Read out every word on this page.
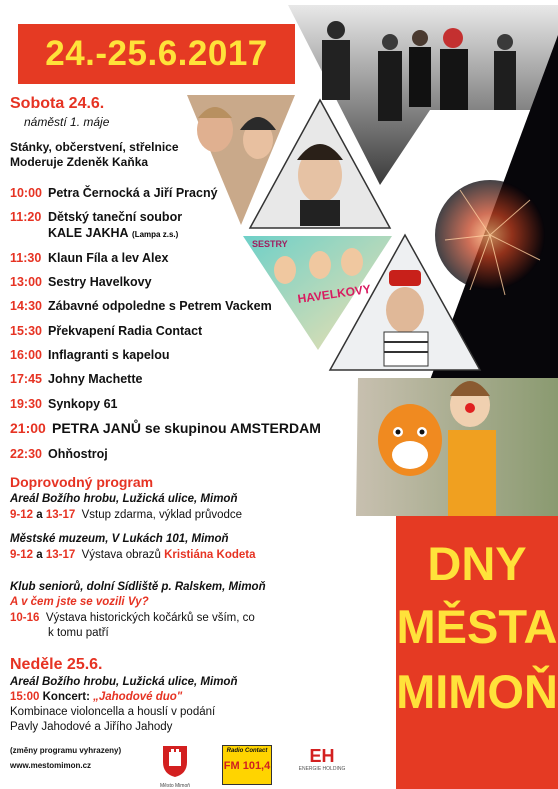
SESTRY
HAVELKOVY
24.-25.6.2017
DNY
MĚSTA
MIMOŇ
Sobota 24.6.
náměstí 1. máje
Stánky, občerstvení, střelnice
Moderuje Zdeněk Kaňka
10:00 Petra Černocká a Jiří Pracný
11:20 Dětský taneční soubor
KALE JAKHA (Lampa z.s.)
11:30 Klaun Fíla a lev Alex
13:00 Sestry Havelkovy
14:30 Zábavné odpoledne s Petrem Vackem
15:30 Překvapení Radia Contact
16:00 Inflagranti s kapelou
17:45 Johny Machette
19:30 Synkopy 61
21:00 PETRA JANŮ se skupinou AMSTERDAM
22:30 Ohňostroj
Doprovodný program
Areál Božího hrobu, Lužická ulice, Mimoň
9-12 a 13-17 Vstup zdarma, výklad průvodce
Městské muzeum, V Lukách 101, Mimoň
9-12 a 13-17 Výstava obrazů Kristiána Kodeta
Klub seniorů, dolní Sídliště p. Ralskem, Mimoň
A v čem jste se vozili Vy?
10-16 Výstava historických kočárků se vším, co
k tomu patří
Neděle 25.6.
Areál Božího hrobu, Lužická ulice, Mimoň
15:00 Koncert: „Jahodové duo"
Kombinace violoncella a houslí v podání
Pavly Jahodové a Jiřího Jahody
(změny programu vyhrazeny)
www.mestomimon.cz
Město Mimoň
Radio Contact
FM 101,4	EH
ENERGIE HOLDING
